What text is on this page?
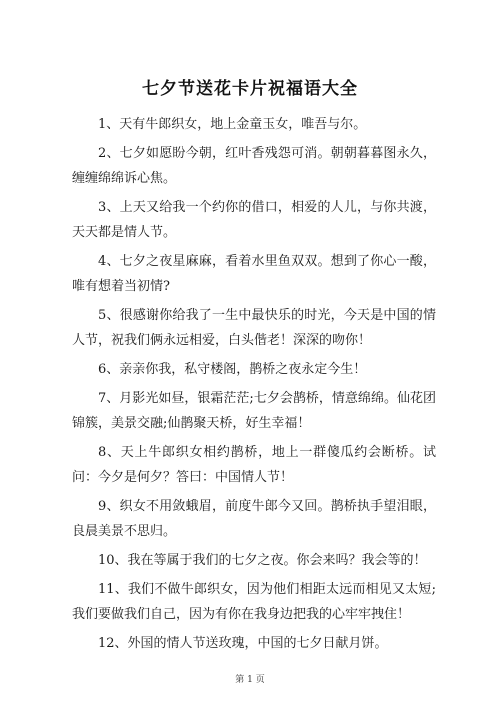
七夕节送花卡片祝福语大全

1、天有牛郎织女，地上金童玉女，唯吾与尔。

2、七夕如愿盼今朝，红叶香残怨可消。朝朝暮暮图永久，缠缠绵绵诉心焦。

3、上天又给我一个约你的借口，相爱的人儿，与你共渡，天天都是情人节。

4、七夕之夜星麻麻，看着水里鱼双双。想到了你心一酸，唯有想着当初情?

5、很感谢你给我了一生中最快乐的时光，今天是中国的情人节，祝我们俩永远相爱，白头偕老！深深的吻你！

6、亲亲你我，私守楼阁，鹊桥之夜永定今生！

7、月影光如昼，银霜茫茫;七夕会鹊桥，情意绵绵。仙花团锦簇，美景交融;仙鹊聚天桥，好生幸福！

8、天上牛郎织女相约鹊桥，地上一群傻瓜约会断桥。试问：今夕是何夕？答曰：中国情人节！

9、织女不用敛蛾眉，前度牛郎今又回。鹊桥执手望泪眼，良晨美景不思归。

10、我在等属于我们的七夕之夜。你会来吗？我会等的！

11、我们不做牛郎织女，因为他们相距太远而相见又太短;我们要做我们自己，因为有你在我身边把我的心牢牢拽住！

12、外国的情人节送玫瑰，中国的七夕日献月饼。

第 1 页
